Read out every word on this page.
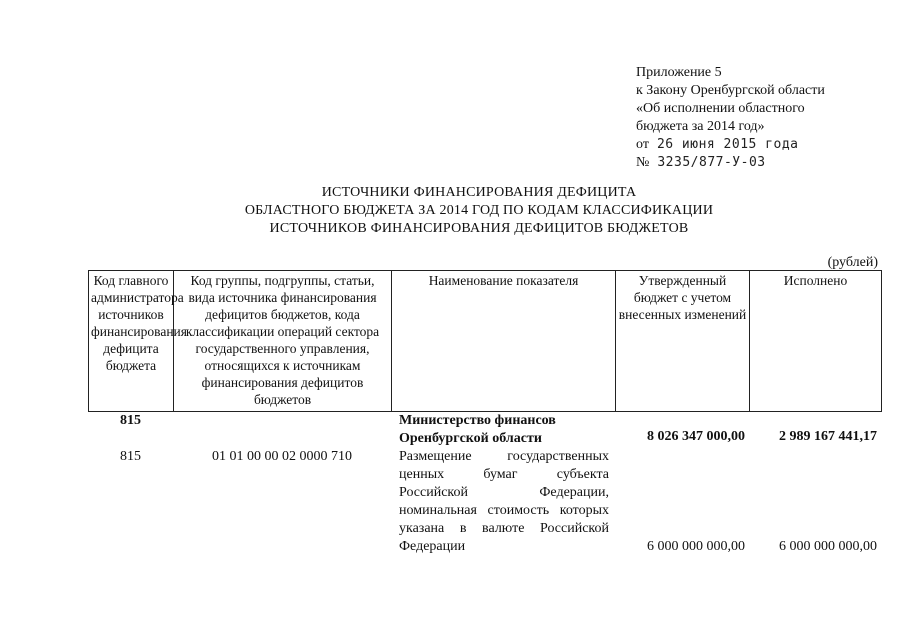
Приложение 5
к Закону Оренбургской области
«Об исполнении областного
бюджета за 2014 год»
от 26 июня 2015 года
№ 3235/877-У-03
ИСТОЧНИКИ ФИНАНСИРОВАНИЯ ДЕФИЦИТА
ОБЛАСТНОГО БЮДЖЕТА ЗА 2014 ГОД ПО КОДАМ КЛАССИФИКАЦИИ
ИСТОЧНИКОВ ФИНАНСИРОВАНИЯ ДЕФИЦИТОВ БЮДЖЕТОВ
(рублей)
Код главного администратора источников финансирования дефицита бюджета	Код группы, подгруппы, статьи, вида источника финансирования дефицитов бюджетов, кода классификации операций сектора государственного управления, относящихся к источникам финансирования дефицитов бюджетов	Наименование показателя	Утвержденный бюджет с учетом внесенных изменений	Исполнено
815		Министерство финансов Оренбургской области	8 026 347 000,00	2 989 167 441,17
815	01 01 00 00 02 0000 710	Размещение государственных ценных бумаг субъекта Российской Федерации, номинальная стоимость которых указана в валюте Российской Федерации	6 000 000 000,00	6 000 000 000,00
